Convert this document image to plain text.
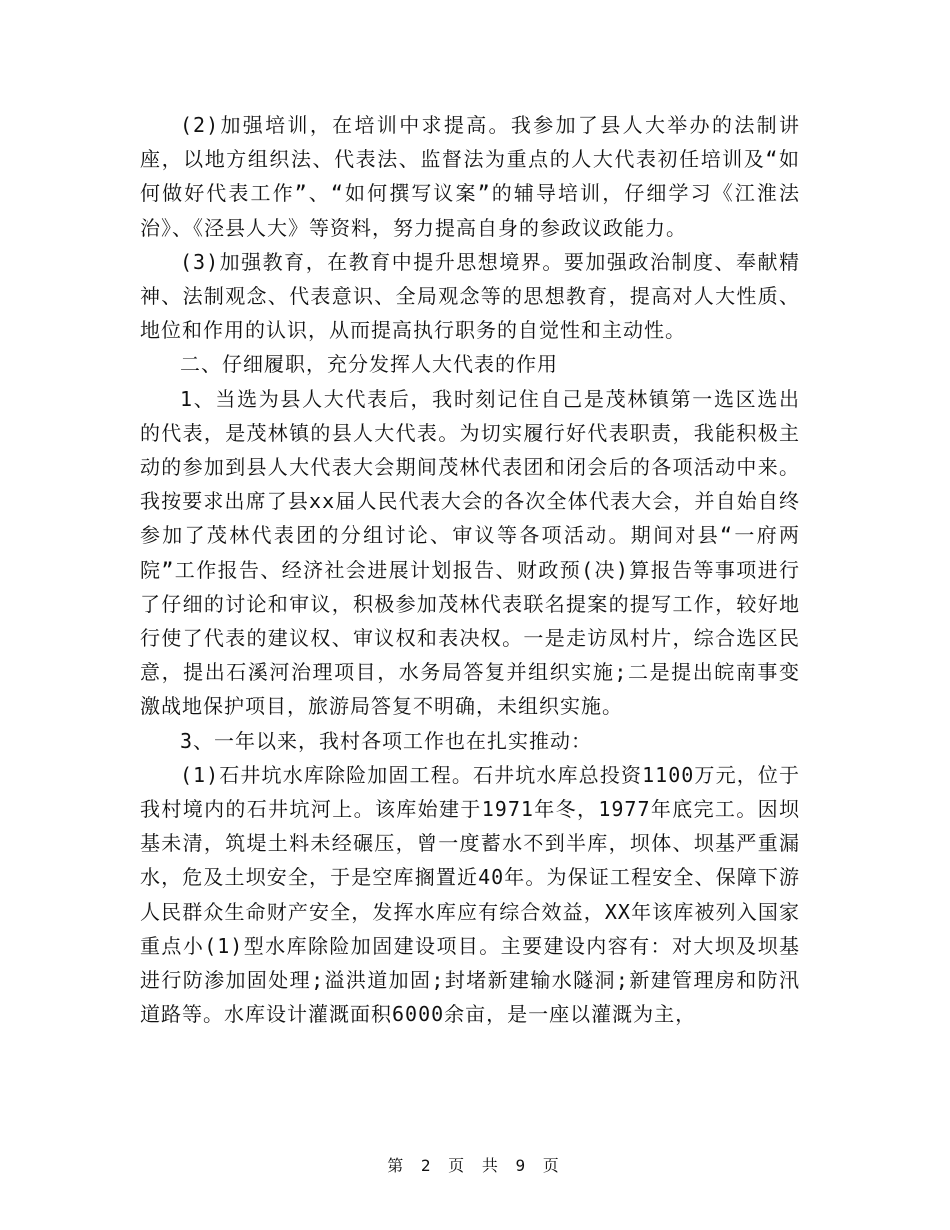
(2)加强培训，在培训中求提高。我参加了县人大举办的法制讲座，以地方组织法、代表法、监督法为重点的人大代表初任培训及“如何做好代表工作”、“如何撰写议案”的辅导培训，仔细学习《江淮法治》、《泾县人大》等资料，努力提高自身的参政议政能力。

(3)加强教育，在教育中提升思想境界。要加强政治制度、奉献精神、法制观念、代表意识、全局观念等的思想教育，提高对人大性质、地位和作用的认识，从而提高执行职务的自觉性和主动性。

二、仔细履职，充分发挥人大代表的作用

1、当选为县人大代表后，我时刻记住自己是茂林镇第一选区选出的代表，是茂林镇的县人大代表。为切实履行好代表职责，我能积极主动的参加到县人大代表大会期间茂林代表团和闭会后的各项活动中来。我按要求出席了县xx届人民代表大会的各次全体代表大会，并自始自终参加了茂林代表团的分组讨论、审议等各项活动。期间对县“一府两院”工作报告、经济社会进展计划报告、财政预(决)算报告等事项进行了仔细的讨论和审议，积极参加茂林代表联名提案的提写工作，较好地行使了代表的建议权、审议权和表决权。一是走访凤村片，综合选区民意，提出石溪河治理项目，水务局答复并组织实施;二是提出皖南事变激战地保护项目，旅游局答复不明确，未组织实施。

3、一年以来，我村各项工作也在扎实推动：

(1)石井坑水库除险加固工程。石井坑水库总投资1100万元，位于我村境内的石井坑河上。该库始建于1971年冬，1977年底完工。因坝基未清，筑堤土料未经碾压，曾一度蓄水不到半库，坝体、坝基严重漏水，危及土坝安全，于是空库搁置近40年。为保证工程安全、保障下游人民群众生命财产安全，发挥水库应有综合效益，XX年该库被列入国家重点小(1)型水库除险加固建设项目。主要建设内容有：对大坝及坝基进行防渗加固处理;溢洪道加固;封堵新建输水隧洞;新建管理房和防汛道路等。水库设计灌溉面积6000余亩，是一座以灌溉为主，

第 2 页 共 9 页
